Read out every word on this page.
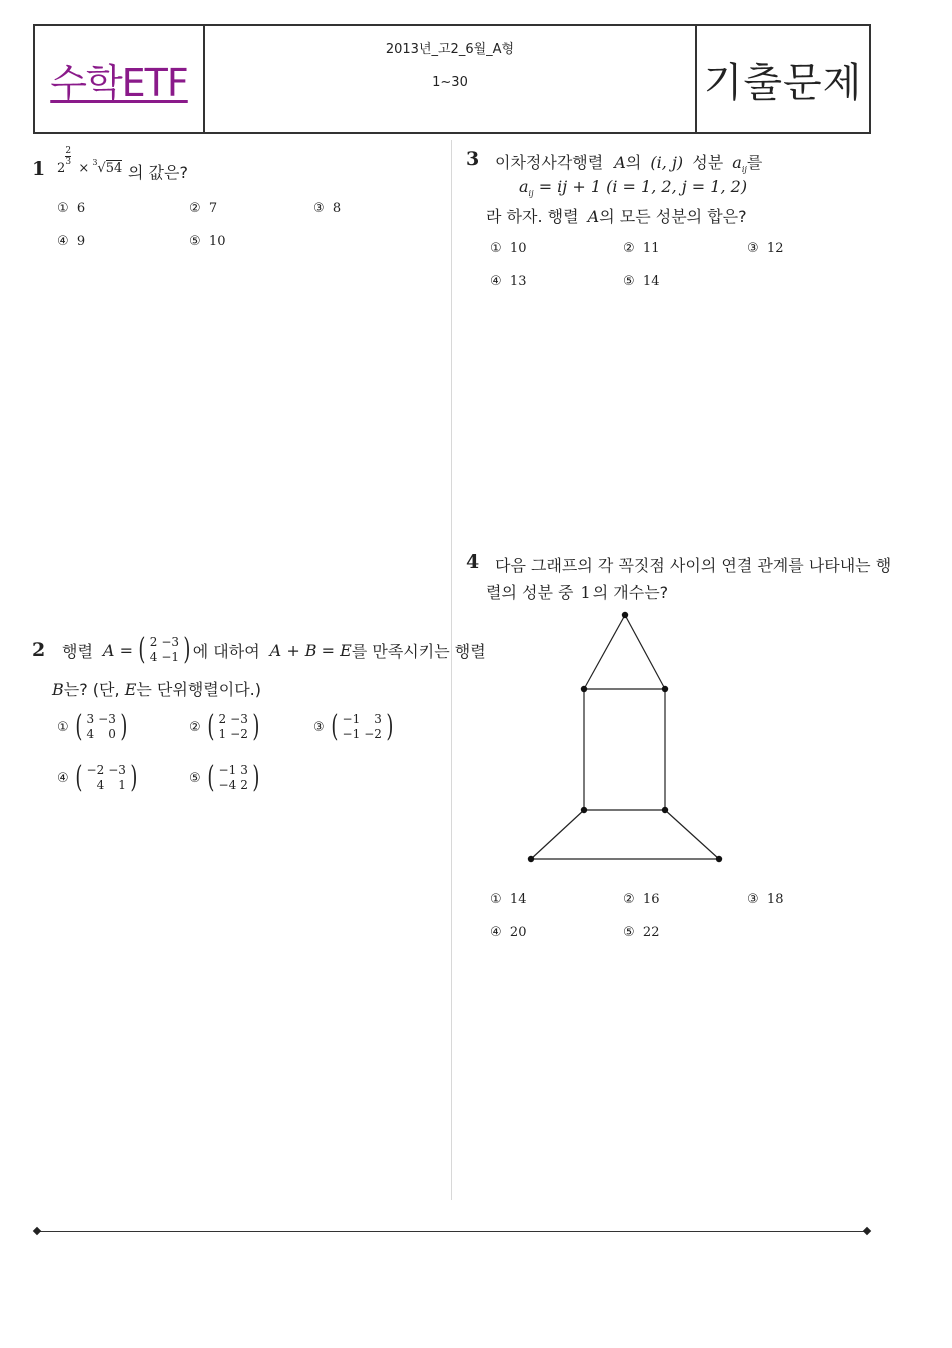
수학ETF
2013년_고2_6월_A형
1~30	기출문제
1 2
$\frac{2}{3}$
× $^3$√54 의 값은?
① 6	② 7	③ 8
④ 9	⑤ 10
2 행렬 A = ( 2	−3
4	−1 ) 에 대하여 A + B = E 를 만족시키는 행렬
B는? (단, E는 단위행렬이다.)
①
( 3	−3
4	0 )	②
( 2	−3
1	−2 )	③
( −1	3
−1	−2 )
④
( −2	−3
4	1 )	⑤
( −1	3
−4	2 )
3 이차정사각행렬 A의 (i, j) 성분 $a_{ij}$를
$a_{ij}$ = ij + 1 (i = 1, 2, j = 1, 2)
라 하자. 행렬 A의 모든 성분의 합은?
① 10	② 11	③ 12
④ 13	⑤ 14
4 다음 그래프의 각 꼭짓점 사이의 연결 관계를 나타내는 행
렬의 성분 중 1 의 개수는?
① 14	② 16	③ 18
④ 20	⑤ 22
